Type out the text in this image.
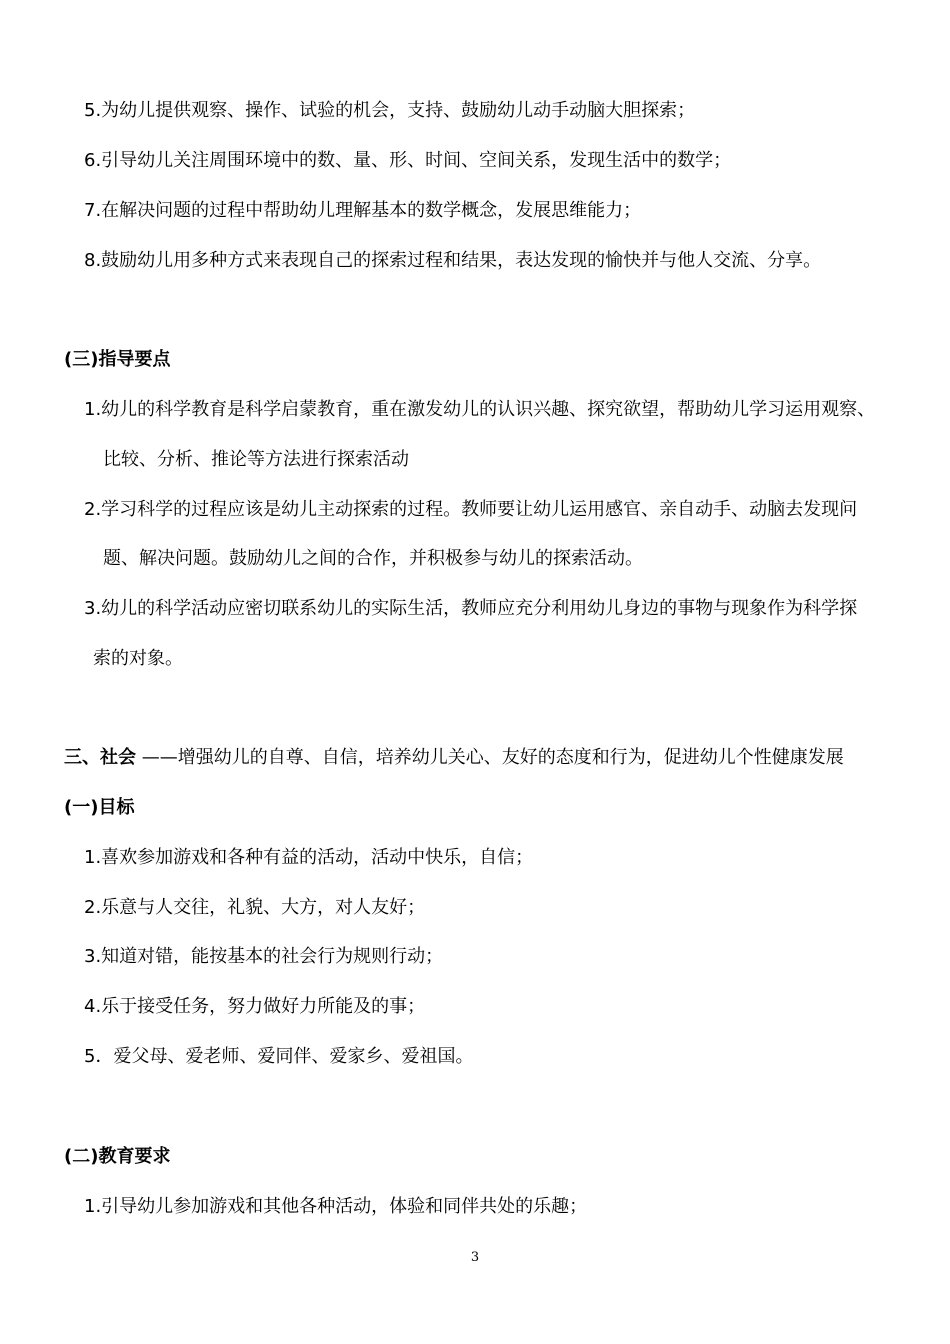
5.为幼儿提供观察、操作、试验的机会，支持、鼓励幼儿动手动脑大胆探索；
6.引导幼儿关注周围环境中的数、量、形、时间、空间关系，发现生活中的数学；
7.在解决问题的过程中帮助幼儿理解基本的数学概念，发展思维能力；
8.鼓励幼儿用多种方式来表现自己的探索过程和结果，表达发现的愉快并与他人交流、分享。
(三)指导要点
1.幼儿的科学教育是科学启蒙教育，重在激发幼儿的认识兴趣、探究欲望，帮助幼儿学习运用观察、
比较、分析、推论等方法进行探索活动
2.学习科学的过程应该是幼儿主动探索的过程。教师要让幼儿运用感官、亲自动手、动脑去发现问
题、解决问题。鼓励幼儿之间的合作，并积极参与幼儿的探索活动。
3.幼儿的科学活动应密切联系幼儿的实际生活，教师应充分利用幼儿身边的事物与现象作为科学探
索的对象。
三、社会 ——增强幼儿的自尊、自信，培养幼儿关心、友好的态度和行为，促进幼儿个性健康发展
(一)目标
1.喜欢参加游戏和各种有益的活动，活动中快乐，自信；
2.乐意与人交往，礼貌、大方，对人友好；
3.知道对错，能按基本的社会行为规则行动；
4.乐于接受任务，努力做好力所能及的事；
5．爱父母、爱老师、爱同伴、爱家乡、爱祖国。
(二)教育要求
1.引导幼儿参加游戏和其他各种活动，体验和同伴共处的乐趣；
3
